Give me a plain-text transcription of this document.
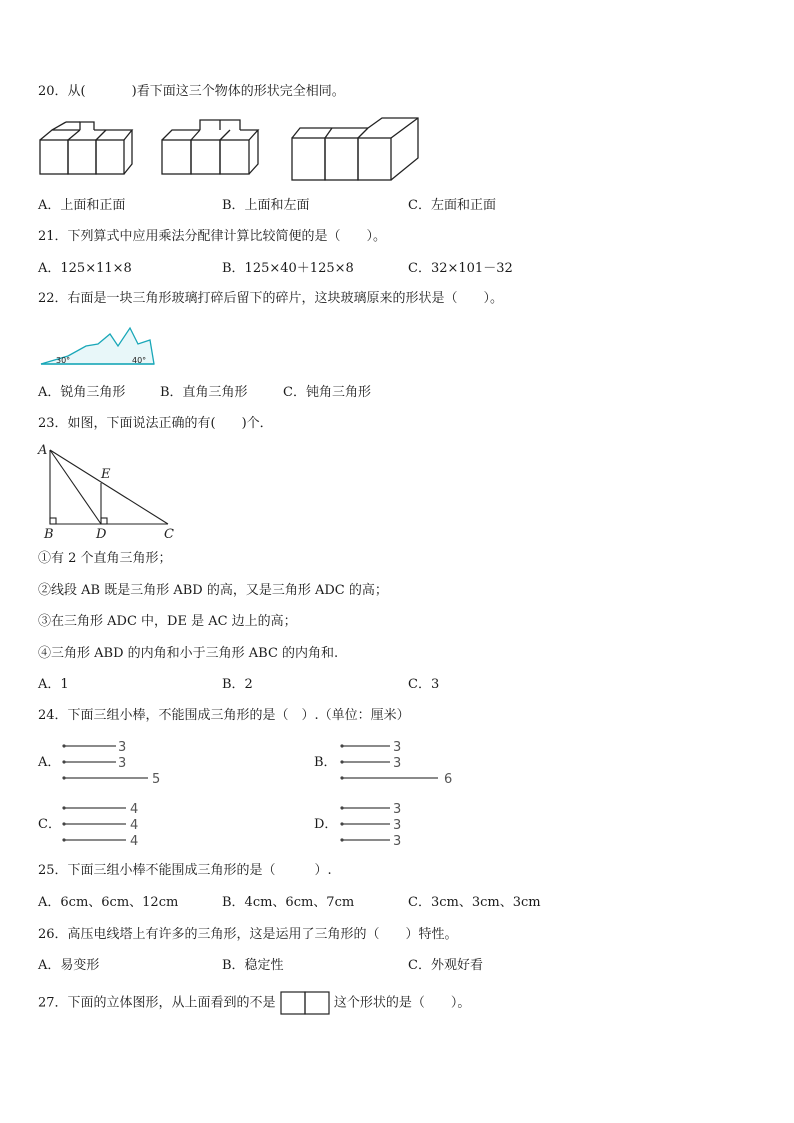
20．从(	)看下面这三个物体的形状完全相同。
A．上面和正面	B．上面和左面	C．左面和正面
21．下列算式中应用乘法分配律计算比较简便的是（　　）。
A．125×11×8	B．125×40＋125×8	C．32×101－32
22．右面是一块三角形玻璃打碎后留下的碎片，这块玻璃原来的形状是（　　）。
30°	40°
A．锐角三角形	B．直角三角形	C．钝角三角形
23．如图，下面说法正确的有(　　)个．
A
E
B	D	C
①有 2 个直角三角形；
②线段 AB 既是三角形 ABD 的高，又是三角形 ADC 的高；
③在三角形 ADC 中，DE 是 AC 边上的高；
④三角形 ABD 的内角和小于三角形 ABC 的内角和.
A．1	B．2	C．3
24．下面三组小棒，不能围成三角形的是（　）.（单位：厘米）
A．
3
3
5
B．
3
3
6
C．
4
4
4
D．
3
3
3
25．下面三组小棒不能围成三角形的是（　　　）.
A．6cm、6cm、12cm	B．4cm、6cm、7cm	C．3cm、3cm、3cm
26．高压电线塔上有许多的三角形，这是运用了三角形的（　　）特性。
A．易变形	B．稳定性	C．外观好看
27．下面的立体图形，从上面看到的不是	这个形状的是（　　）。
